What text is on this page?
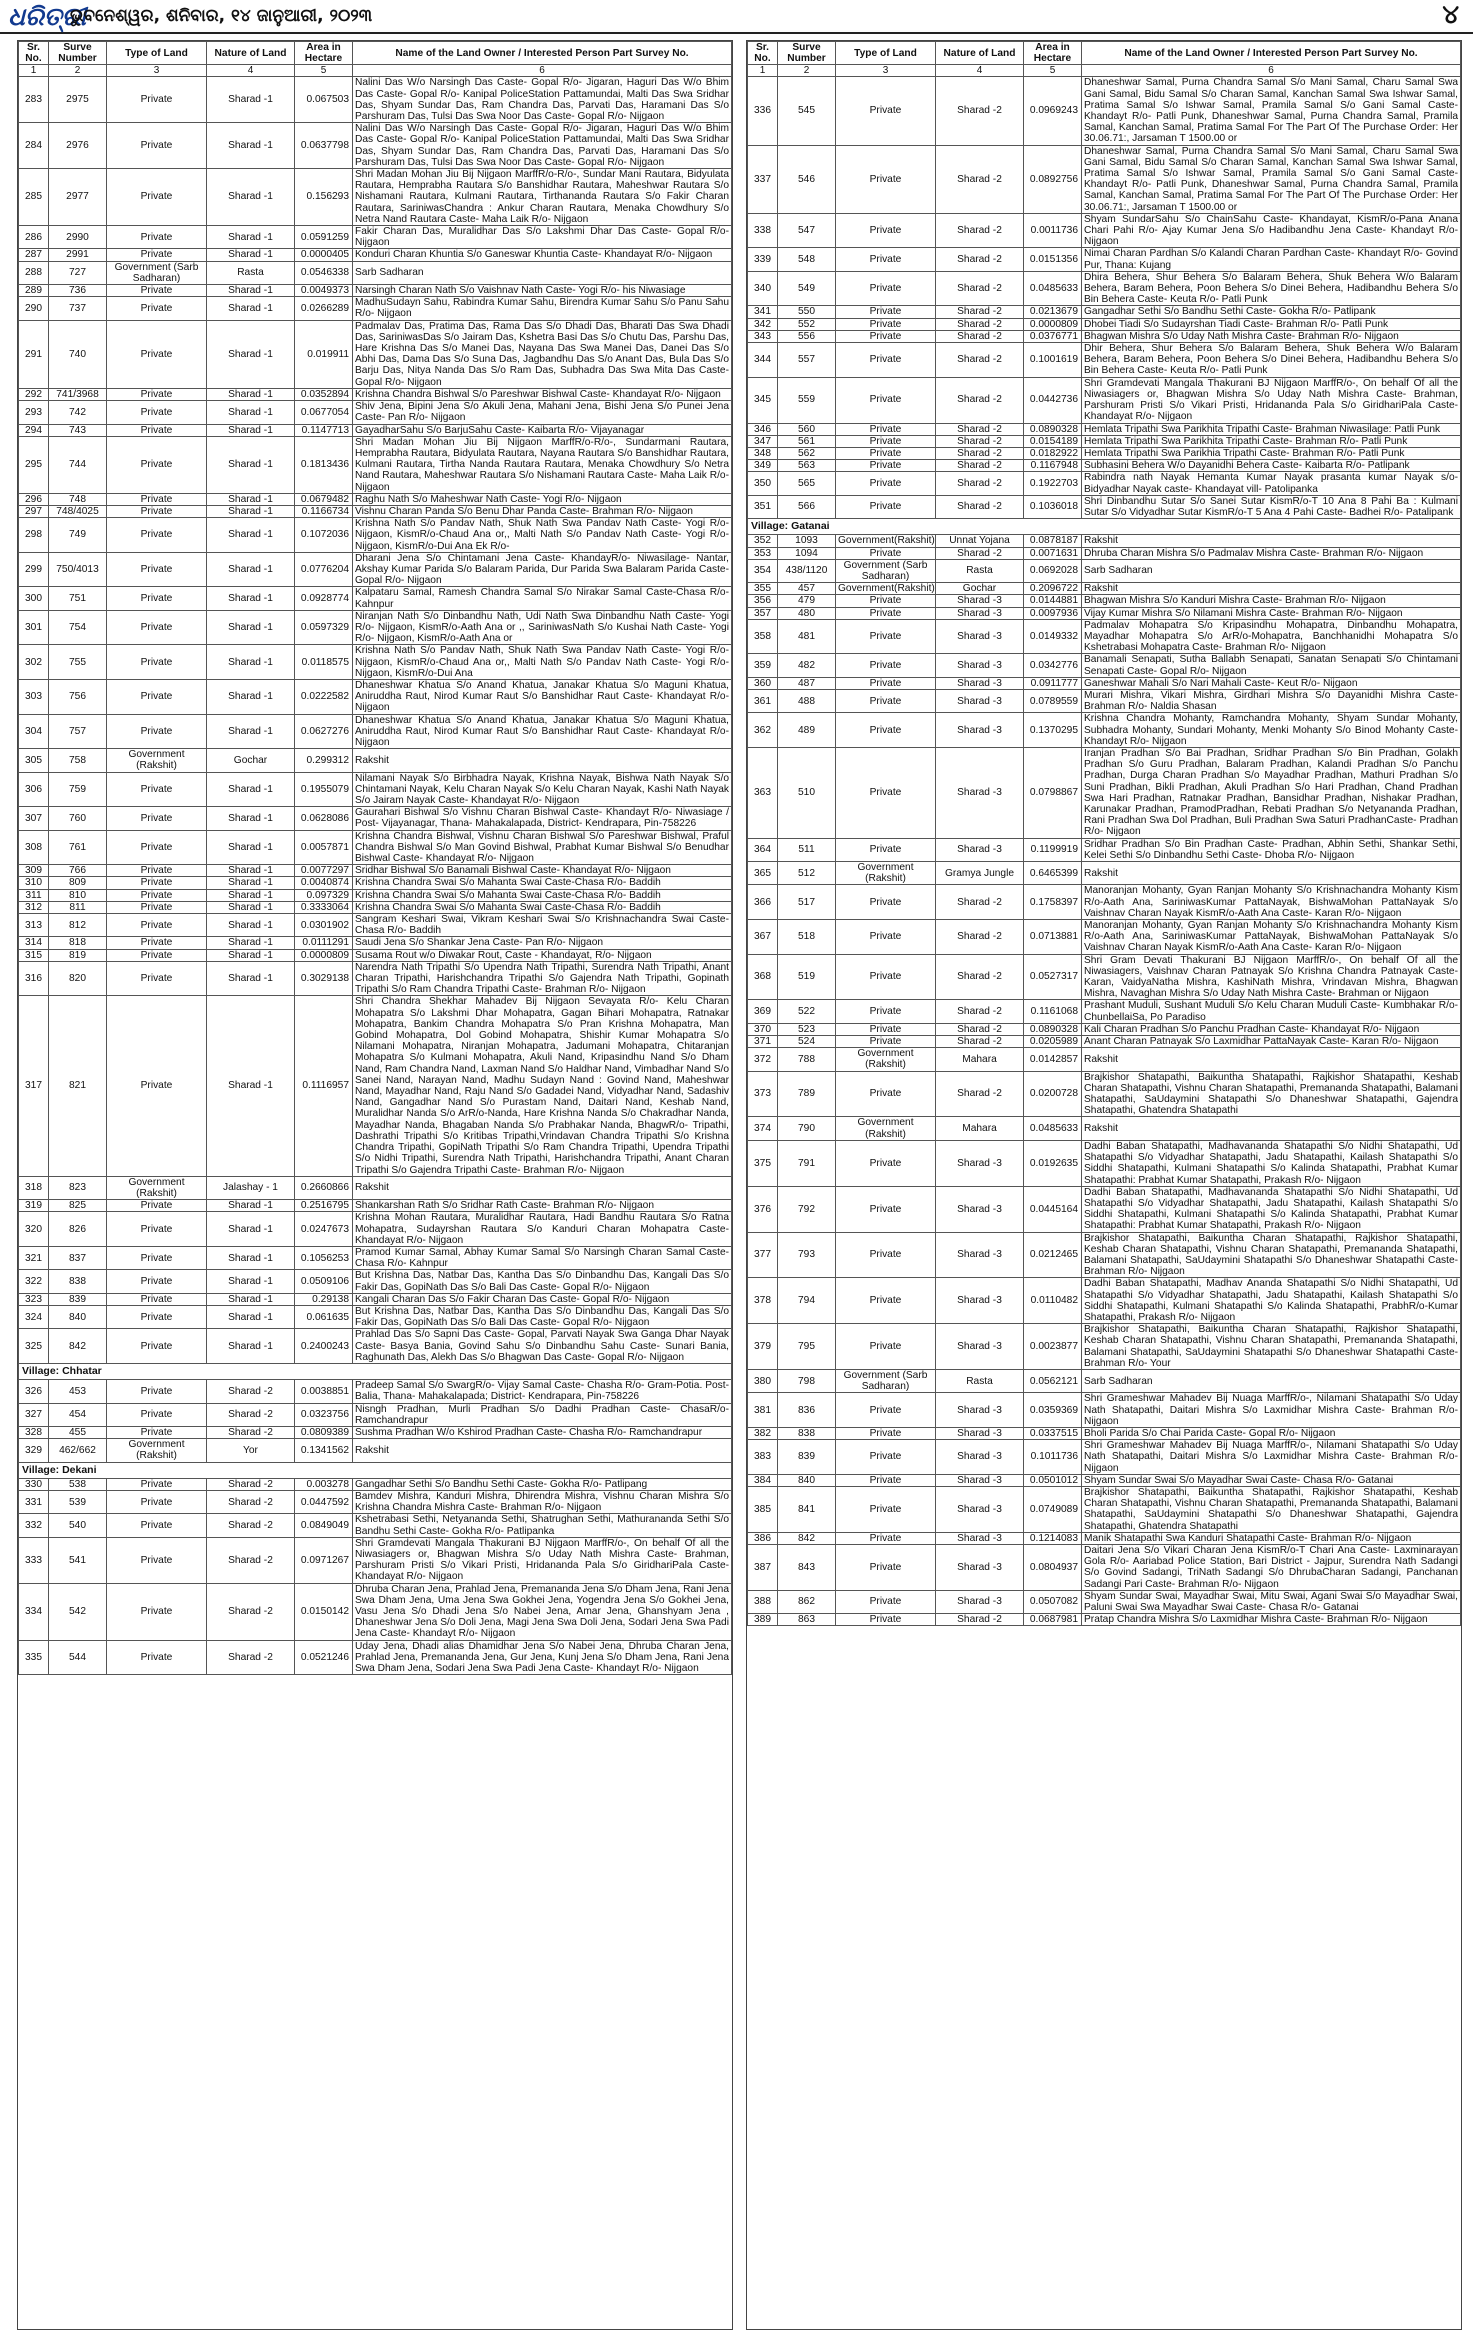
ଧରିତ୍ରୀ
ଭୁବନେଶ୍ୱର, ଶନିବାର, ୧୪ ଜାନୁଆରୀ, ୨୦୨୩	୪
Sr. No.	Surve Number	Type of Land	Nature of Land	Area in Hectare	Name of the Land Owner / Interested Person Part Survey No.
1	2	3	4	5	6
283	2975	Private	Sharad -1	0.067503	Nalini Das W/o Narsingh Das Caste- Gopal R/o- Jigaran, Haguri Das W/o Bhim Das Caste- Gopal R/o- Kanipal PoliceStation Pattamundai, Malti Das Swa Sridhar Das, Shyam Sundar Das, Ram Chandra Das, Parvati Das, Haramani Das S/o Parshuram Das, Tulsi Das Swa Noor Das Caste- Gopal R/o- Nijgaon
284	2976	Private	Sharad -1	0.0637798	Nalini Das W/o Narsingh Das Caste- Gopal R/o- Jigaran, Haguri Das W/o Bhim Das Caste- Gopal R/o- Kanipal PoliceStation Pattamundai, Malti Das Swa Sridhar Das, Shyam Sundar Das, Ram Chandra Das, Parvati Das, Haramani Das S/o Parshuram Das, Tulsi Das Swa Noor Das Caste- Gopal R/o- Nijgaon
285	2977	Private	Sharad -1	0.156293	Shri Madan Mohan Jiu Bij Nijgaon MarffR/o-R/o-, Sundar Mani Rautara, Bidyulata Rautara, Hemprabha Rautara S/o Banshidhar Rautara, Maheshwar Rautara S/o Nishamani Rautara, Kulmani Rautara, Tirthananda Rautara S/o Fakir Charan Rautara, SariniwasChandra : Ankur Charan Rautara, Menaka Chowdhury S/o Netra Nand Rautara Caste- Maha Laik R/o- Nijgaon
286	2990	Private	Sharad -1	0.0591259	Fakir Charan Das, Muralidhar Das S/o Lakshmi Dhar Das Caste- Gopal R/o- Nijgaon
287	2991	Private	Sharad -1	0.0000405	Konduri Charan Khuntia S/o Ganeswar Khuntia Caste- Khandayat R/o- Nijgaon
288	727	Government (Sarb Sadharan)	Rasta	0.0546338	Sarb Sadharan
289	736	Private	Sharad -1	0.0049373	Narsingh Charan Nath S/o Vaishnav Nath Caste- Yogi R/o- his Niwasiage
290	737	Private	Sharad -1	0.0266289	MadhuSudayn Sahu, Rabindra Kumar Sahu, Birendra Kumar Sahu S/o Panu Sahu R/o- Nijgaon
291	740	Private	Sharad -1	0.019911	Padmalav Das, Pratima Das, Rama Das S/o Dhadi Das, Bharati Das Swa Dhadi Das, SariniwasDas S/o Jairam Das, Kshetra Basi Das S/o Chutu Das, Parshu Das, Hare Krishna Das S/o Manei Das, Nayana Das Swa Manei Das, Danei Das S/o Abhi Das, Dama Das S/o Suna Das, Jagbandhu Das S/o Anant Das, Bula Das S/o Barju Das, Nitya Nanda Das S/o Ram Das, Subhadra Das Swa Mita Das Caste- Gopal R/o- Nijgaon
292	741/3968	Private	Sharad -1	0.0352894	Krishna Chandra Bishwal S/o Pareshwar Bishwal Caste- Khandayat R/o- Nijgaon
293	742	Private	Sharad -1	0.0677054	Shiv Jena, Bipini Jena S/o Akuli Jena, Mahani Jena, Bishi Jena S/o Punei Jena Caste- Pan R/o- Nijgaon
294	743	Private	Sharad -1	0.1147713	GayadharSahu S/o BarjuSahu Caste- Kaibarta R/o- Vijayanagar
295	744	Private	Sharad -1	0.1813436	Shri Madan Mohan Jiu Bij Nijgaon MarffR/o-R/o-, Sundarmani Rautara, Hemprabha Rautara, Bidyulata Rautara, Nayana Rautara S/o Banshidhar Rautara, Kulmani Rautara, Tirtha Nanda Rautara Rautara, Menaka Chowdhury S/o Netra Nand Rautara, Maheshwar Rautara S/o Nishamani Rautara Caste- Maha Laik R/o- Nijgaon
296	748	Private	Sharad -1	0.0679482	Raghu Nath S/o Maheshwar Nath Caste- Yogi R/o- Nijgaon
297	748/4025	Private	Sharad -1	0.1166734	Vishnu Charan Panda S/o Benu Dhar Panda Caste- Brahman R/o- Nijgaon
298	749	Private	Sharad -1	0.1072036	Krishna Nath S/o Pandav Nath, Shuk Nath Swa Pandav Nath Caste- Yogi R/o- Nijgaon, KismR/o-Chaud Ana or,, Malti Nath S/o Pandav Nath Caste- Yogi R/o- Nijgaon, KismR/o-Dui Ana Ek R/o-
299	750/4013	Private	Sharad -1	0.0776204	Dharani Jena S/o Chintamani Jena Caste- KhandayR/o- Niwasilage- Nantar, Akshay Kumar Parida S/o Balaram Parida, Dur Parida Swa Balaram Parida Caste- Gopal R/o- Nijgaon
300	751	Private	Sharad -1	0.0928774	Kalpataru Samal, Ramesh Chandra Samal S/o Nirakar Samal Caste-Chasa R/o- Kahnpur
301	754	Private	Sharad -1	0.0597329	Niranjan Nath S/o Dinbandhu Nath, Udi Nath Swa Dinbandhu Nath Caste- Yogi R/o- Nijgaon, KismR/o-Aath Ana or ,, SariniwasNath S/o Kushai Nath Caste- Yogi R/o- Nijgaon, KismR/o-Aath Ana or
302	755	Private	Sharad -1	0.0118575	Krishna Nath S/o Pandav Nath, Shuk Nath Swa Pandav Nath Caste- Yogi R/o- Nijgaon, KismR/o-Chaud Ana or,, Malti Nath S/o Pandav Nath Caste- Yogi R/o- Nijgaon, KismR/o-Dui Ana
303	756	Private	Sharad -1	0.0222582	Dhaneshwar Khatua S/o Anand Khatua, Janakar Khatua S/o Maguni Khatua, Aniruddha Raut, Nirod Kumar Raut S/o Banshidhar Raut Caste- Khandayat R/o- Nijgaon
304	757	Private	Sharad -1	0.0627276	Dhaneshwar Khatua S/o Anand Khatua, Janakar Khatua S/o Maguni Khatua, Aniruddha Raut, Nirod Kumar Raut S/o Banshidhar Raut Caste- Khandayat R/o- Nijgaon
305	758	Government (Rakshit)	Gochar	0.299312	Rakshit
306	759	Private	Sharad -1	0.1955079	Nilamani Nayak S/o Birbhadra Nayak, Krishna Nayak, Bishwa Nath Nayak S/o Chintamani Nayak, Kelu Charan Nayak S/o Kelu Charan Nayak, Kashi Nath Nayak S/o Jairam Nayak Caste- Khandayat R/o- Nijgaon
307	760	Private	Sharad -1	0.0628086	Gaurahari Bishwal S/o Vishnu Charan Bishwal Caste- Khandayt R/o- Niwasiage / Post- Vijayanagar, Thana- Mahakalapada, District- Kendrapara, Pin-758226
308	761	Private	Sharad -1	0.0057871	Krishna Chandra Bishwal, Vishnu Charan Bishwal S/o Pareshwar Bishwal, Praful Chandra Bishwal S/o Man Govind Bishwal, Prabhat Kumar Bishwal S/o Benudhar Bishwal Caste- Khandayat R/o- Nijgaon
309	766	Private	Sharad -1	0.0077297	Sridhar Bishwal S/o Banamali Bishwal Caste- Khandayat R/o- Nijgaon
310	809	Private	Sharad -1	0.0040874	Krishna Chandra Swai S/o Mahanta Swai Caste-Chasa R/o- Baddih
311	810	Private	Sharad -1	0.097329	Krishna Chandra Swai S/o Mahanta Swai Caste-Chasa R/o- Baddih
312	811	Private	Sharad -1	0.3333064	Krishna Chandra Swai S/o Mahanta Swai Caste-Chasa R/o- Baddih
313	812	Private	Sharad -1	0.0301902	Sangram Keshari Swai, Vikram Keshari Swai S/o Krishnachandra Swai Caste- Chasa R/o- Baddih
314	818	Private	Sharad -1	0.0111291	Saudi Jena S/o Shankar Jena Caste- Pan R/o- Nijgaon
315	819	Private	Sharad -1	0.0000809	Susama Rout w/o Diwakar Rout, Caste - Khandayat, R/o- Nijgaon
316	820	Private	Sharad -1	0.3029138	Narendra Nath Tripathi S/o Upendra Nath Tripathi, Surendra Nath Tripathi, Anant Charan Tripathi, Harishchandra Tripathi S/o Gajendra Nath Tripathi, Gopinath Tripathi S/o Ram Chandra Tripathi Caste- Brahman R/o- Nijgaon
317	821	Private	Sharad -1	0.1116957	Shri Chandra Shekhar Mahadev Bij Nijgaon Sevayata R/o- Kelu Charan Mohapatra S/o Lakshmi Dhar Mohapatra, Gagan Bihari Mohapatra, Ratnakar Mohapatra, Bankim Chandra Mohapatra S/o Pran Krishna Mohapatra, Man Gobind Mohapatra, Dol Gobind Mohapatra, Shishir Kumar Mohapatra S/o Nilamani Mohapatra, Niranjan Mohapatra, Jadumani Mohapatra, Chitaranjan Mohapatra S/o Kulmani Mohapatra, Akuli Nand, Kripasindhu Nand S/o Dham Nand, Ram Chandra Nand, Laxman Nand S/o Haldhar Nand, Vimbadhar Nand S/o Sanei Nand, Narayan Nand, Madhu Sudayn Nand : Govind Nand, Maheshwar Nand, Mayadhar Nand, Raju Nand S/o Gadadei Nand, Vidyadhar Nand, Sadashiv Nand, Gangadhar Nand S/o Purastam Nand, Daitari Nand, Keshab Nand, Muralidhar Nanda S/o ArR/o-Nanda, Hare Krishna Nanda S/o Chakradhar Nanda, Mayadhar Nanda, Bhagaban Nanda S/o Prabhakar Nanda, BhagwR/o- Tripathi, Dashrathi Tripathi S/o Kritibas Tripathi,Vrindavan Chandra Tripathi S/o Krishna Chandra Tripathi, GopiNath Tripathi S/o Ram Chandra Tripathi, Upendra Tripathi S/o Nidhi Tripathi, Surendra Nath Tripathi, Harishchandra Tripathi, Anant Charan Tripathi S/o Gajendra Tripathi Caste- Brahman R/o- Nijgaon
318	823	Government (Rakshit)	Jalashay - 1	0.2660866	Rakshit
319	825	Private	Sharad -1	0.2516795	Shankarshan Rath S/o Sridhar Rath Caste- Brahman R/o- Nijgaon
320	826	Private	Sharad -1	0.0247673	Krishna Mohan Rautara, Muralidhar Rautara, Hadi Bandhu Rautara S/o Ratna Mohapatra, Sudayrshan Rautara S/o Kanduri Charan Mohapatra Caste- Khandayat R/o- Nijgaon
321	837	Private	Sharad -1	0.1056253	Pramod Kumar Samal, Abhay Kumar Samal S/o Narsingh Charan Samal Caste-Chasa R/o- Kahnpur
322	838	Private	Sharad -1	0.0509106	But Krishna Das, Natbar Das, Kantha Das S/o Dinbandhu Das, Kangali Das S/o Fakir Das, GopiNath Das S/o Bali Das Caste- Gopal R/o- Nijgaon
323	839	Private	Sharad -1	0.29138	Kangali Charan Das S/o Fakir Charan Das Caste- Gopal R/o- Nijgaon
324	840	Private	Sharad -1	0.061635	But Krishna Das, Natbar Das, Kantha Das S/o Dinbandhu Das, Kangali Das S/o Fakir Das, GopiNath Das S/o Bali Das Caste- Gopal R/o- Nijgaon
325	842	Private	Sharad -1	0.2400243	Prahlad Das S/o Sapni Das Caste- Gopal, Parvati Nayak Swa Ganga Dhar Nayak Caste- Basya Bania, Govind Sahu S/o Dinbandhu Sahu Caste- Sunari Bania, Raghunath Das, Alekh Das S/o Bhagwan Das Caste- Gopal R/o- Nijgaon
Village: Chhatar					
326	453	Private	Sharad -2	0.0038851	Pradeep Samal S/o SwargR/o- Vijay Samal Caste- Chasha R/o- Gram-Potia. Post-Balia, Thana- Mahakalapada; District- Kendrapara, Pin-758226
327	454	Private	Sharad -2	0.0323756	Nisngh Pradhan, Murli Pradhan S/o Dadhi Pradhan Caste- ChasaR/o- Ramchandrapur
328	455	Private	Sharad -2	0.0809389	Sushma Pradhan W/o Kshirod Pradhan Caste- Chasha R/o- Ramchandrapur
329	462/662	Government (Rakshit)	Yor	0.1341562	Rakshit
Village: Dekani					
330	538	Private	Sharad -2	0.003278	Gangadhar Sethi S/o Bandhu Sethi Caste- Gokha R/o- Patlipang
331	539	Private	Sharad -2	0.0447592	Bamdev Mishra, Kanduri Mishra, Dhirendra Mishra, Vishnu Charan Mishra S/o Krishna Chandra Mishra Caste- Brahman R/o- Nijgaon
332	540	Private	Sharad -2	0.0849049	Kshetrabasi Sethi, Netyananda Sethi, Shatrughan Sethi, Mathurananda Sethi S/o Bandhu Sethi Caste- Gokha R/o- Patlipanka
333	541	Private	Sharad -2	0.0971267	Shri Gramdevati Mangala Thakurani BJ Nijgaon MarffR/o-, On behalf Of all the Niwasiagers or, Bhagwan Mishra S/o Uday Nath Mishra Caste- Brahman, Parshuram Pristi S/o Vikari Pristi, Hridananda Pala S/o GiridhariPala Caste- Khandayat R/o- Nijgaon
334	542	Private	Sharad -2	0.0150142	Dhruba Charan Jena, Prahlad Jena, Premananda Jena S/o Dham Jena, Rani Jena Swa Dham Jena, Uma Jena Swa Gokhei Jena, Yogendra Jena S/o Gokhei Jena, Vasu Jena S/o Dhadi Jena S/o Nabei Jena, Amar Jena, Ghanshyam Jena , Dhaneshwar Jena S/o Doli Jena, Magi Jena Swa Doli Jena, Sodari Jena Swa Padi Jena Caste- Khandayt R/o- Nijgaon
335	544	Private	Sharad -2	0.0521246	Uday Jena, Dhadi alias Dhamidhar Jena S/o Nabei Jena, Dhruba Charan Jena, Prahlad Jena, Premananda Jena, Gur Jena, Kunj Jena S/o Dham Jena, Rani Jena Swa Dham Jena, Sodari Jena Swa Padi Jena Caste- Khandayt R/o- Nijgaon
Sr. No.	Surve Number	Type of Land	Nature of Land	Area in Hectare	Name of the Land Owner / Interested Person Part Survey No.
1	2	3	4	5	6
336	545	Private	Sharad -2	0.0969243	Dhaneshwar Samal, Purna Chandra Samal S/o Mani Samal, Charu Samal Swa Gani Samal, Bidu Samal S/o Charan Samal, Kanchan Samal Swa Ishwar Samal, Pratima Samal S/o Ishwar Samal, Pramila Samal S/o Gani Samal Caste- Khandayt R/o- Patli Punk, Dhaneshwar Samal, Purna Chandra Samal, Pramila Samal, Kanchan Samal, Pratima Samal For The Part Of The Purchase Order: Her 30.06.71:, Jarsaman T 1500.00 or
337	546	Private	Sharad -2	0.0892756	Dhaneshwar Samal, Purna Chandra Samal S/o Mani Samal, Charu Samal Swa Gani Samal, Bidu Samal S/o Charan Samal, Kanchan Samal Swa Ishwar Samal, Pratima Samal S/o Ishwar Samal, Pramila Samal S/o Gani Samal Caste- Khandayt R/o- Patli Punk, Dhaneshwar Samal, Purna Chandra Samal, Pramila Samal, Kanchan Samal, Pratima Samal For The Part Of The Purchase Order: Her 30.06.71:, Jarsaman T 1500.00 or
338	547	Private	Sharad -2	0.0011736	Shyam SundarSahu S/o ChainSahu Caste- Khandayat, KismR/o-Pana Anana Chari Pahi R/o- Ajay Kumar Jena S/o Hadibandhu Jena Caste- Khandayt R/o- Nijgaon
339	548	Private	Sharad -2	0.0151356	Nimai Charan Pardhan S/o Kalandi Charan Pardhan Caste- Khandayt R/o- Govind Pur, Thana: Kujang
340	549	Private	Sharad -2	0.0485633	Dhira Behera, Shur Behera S/o Balaram Behera, Shuk Behera W/o Balaram Behera, Baram Behera, Poon Behera S/o Dinei Behera, Hadibandhu Behera S/o Bin Behera Caste- Keuta R/o- Patli Punk
341	550	Private	Sharad -2	0.0213679	Gangadhar Sethi S/o Bandhu Sethi Caste- Gokha R/o- Patlipank
342	552	Private	Sharad -2	0.0000809	Dhobei Tiadi S/o Sudayrshan Tiadi Caste- Brahman R/o- Patli Punk
343	556	Private	Sharad -2	0.0376771	Bhagwan Mishra S/o Uday Nath Mishra Caste- Brahman R/o- Nijgaon
344	557	Private	Sharad -2	0.1001619	Dhir Behera, Shur Behera S/o Balaram Behera, Shuk Behera W/o Balaram Behera, Baram Behera, Poon Behera S/o Dinei Behera, Hadibandhu Behera S/o Bin Behera Caste- Keuta R/o- Patli Punk
345	559	Private	Sharad -2	0.0442736	Shri Gramdevati Mangala Thakurani BJ Nijgaon MarffR/o-, On behalf Of all the Niwasiagers or, Bhagwan Mishra S/o Uday Nath Mishra Caste- Brahman, Parshuram Pristi S/o Vikari Pristi, Hridananda Pala S/o GiridhariPala Caste- Khandayat R/o- Nijgaon
346	560	Private	Sharad -2	0.0890328	Hemlata Tripathi Swa Parikhita Tripathi Caste- Brahman Niwasilage: Patli Punk
347	561	Private	Sharad -2	0.0154189	Hemlata Tripathi Swa Parikhita Tripathi Caste- Brahman R/o- Patli Punk
348	562	Private	Sharad -2	0.0182922	Hemlata Tripathi Swa Parikhia Tripathi Caste- Brahman R/o- Patli Punk
349	563	Private	Sharad -2	0.1167948	Subhasini Behera W/o Dayanidhi Behera Caste- Kaibarta R/o- Patlipank
350	565	Private	Sharad -2	0.1922703	Rabindra nath Nayak Hemanta Kumar Nayak prasanta kumar Nayak s/o- Bidyadhar Nayak caste- Khandayat vill- Patolipanka
351	566	Private	Sharad -2	0.1036018	Shri Dinbandhu Sutar S/o Sanei Sutar KismR/o-T 10 Ana 8 Pahi Ba : Kulmani Sutar S/o Vidyadhar Sutar KismR/o-T 5 Ana 4 Pahi Caste- Badhei R/o- Patalipank
Village: Gatanai					
352	1093	Government(Rakshit)	Unnat Yojana	0.0878187	Rakshit
353	1094	Private	Sharad -2	0.0071631	Dhruba Charan Mishra S/o Padmalav Mishra Caste- Brahman R/o- Nijgaon
354	438/1120	Government (Sarb Sadharan)	Rasta	0.0692028	Sarb Sadharan
355	457	Government(Rakshit)	Gochar	0.2096722	Rakshit
356	479	Private	Sharad -3	0.0144881	Bhagwan Mishra S/o Kanduri Mishra Caste- Brahman R/o- Nijgaon
357	480	Private	Sharad -3	0.0097936	Vijay Kumar Mishra S/o Nilamani Mishra Caste- Brahman R/o- Nijgaon
358	481	Private	Sharad -3	0.0149332	Padmalav Mohapatra S/o Kripasindhu Mohapatra, Dinbandhu Mohapatra, Mayadhar Mohapatra S/o ArR/o-Mohapatra, Banchhanidhi Mohapatra S/o Kshetrabasi Mohapatra Caste- Brahman R/o- Nijgaon
359	482	Private	Sharad -3	0.0342776	Banamali Senapati, Sutha Ballabh Senapati, Sanatan Senapati S/o Chintamani Senapati Caste- Gopal R/o- Nijgaon
360	487	Private	Sharad -3	0.0911777	Ganeshwar Mahali S/o Nari Mahali Caste- Keut R/o- Nijgaon
361	488	Private	Sharad -3	0.0789559	Murari Mishra, Vikari Mishra, Girdhari Mishra S/o Dayanidhi Mishra Caste- Brahman R/o- Naldia Shasan
362	489	Private	Sharad -3	0.1370295	Krishna Chandra Mohanty, Ramchandra Mohanty, Shyam Sundar Mohanty, Subhadra Mohanty, Sundari Mohanty, Menki Mohanty S/o Binod Mohanty Caste- Khandayt R/o- Nijgaon
363	510	Private	Sharad -3	0.0798867	Iranjan Pradhan S/o Bai Pradhan, Sridhar Pradhan S/o Bin Pradhan, Golakh Pradhan S/o Guru Pradhan, Balaram Pradhan, Kalandi Pradhan S/o Panchu Pradhan, Durga Charan Pradhan S/o Mayadhar Pradhan, Mathuri Pradhan S/o Suni Pradhan, Bikli Pradhan, Akuli Pradhan S/o Hari Pradhan, Chand Pradhan Swa Hari Pradhan, Ratnakar Pradhan, Bansidhar Pradhan, Nishakar Pradhan, Karunakar Pradhan, PramodPradhan, Rebati Pradhan S/o Netyananda Pradhan, Rani Pradhan Swa Dol Pradhan, Buli Pradhan Swa Saturi PradhanCaste- Pradhan R/o- Nijgaon
364	511	Private	Sharad -3	0.1199919	Sridhar Pradhan S/o Bin Pradhan Caste- Pradhan, Abhin Sethi, Shankar Sethi, Kelei Sethi S/o Dinbandhu Sethi Caste- Dhoba R/o- Nijgaon
365	512	Government (Rakshit)	Gramya Jungle	0.6465399	Rakshit
366	517	Private	Sharad -2	0.1758397	Manoranjan Mohanty, Gyan Ranjan Mohanty S/o Krishnachandra Mohanty Kism R/o-Aath Ana, SariniwasKumar PattaNayak, BishwaMohan PattaNayak S/o Vaishnav Charan Nayak KismR/o-Aath Ana Caste- Karan R/o- Nijgaon
367	518	Private	Sharad -2	0.0713881	Manoranjan Mohanty, Gyan Ranjan Mohanty S/o Krishnachandra Mohanty Kism R/o-Aath Ana, SariniwasKumar PattaNayak, BishwaMohan PattaNayak S/o Vaishnav Charan Nayak KismR/o-Aath Ana Caste- Karan R/o- Nijgaon
368	519	Private	Sharad -2	0.0527317	Shri Gram Devati Thakurani BJ Nijgaon MarffR/o-, On behalf Of all the Niwasiagers, Vaishnav Charan Patnayak S/o Krishna Chandra Patnayak Caste- Karan, VaidyaNatha Mishra, KashiNath Mishra, Vrindavan Mishra, Bhagwan Mishra, Navaghan Mishra S/o Uday Nath Mishra Caste- Brahman or Nijgaon
369	522	Private	Sharad -2	0.1161068	Prashant Muduli, Sushant Muduli S/o Kelu Charan Muduli Caste- Kumbhakar R/o- ChunbellaiSa, Po Paradiso
370	523	Private	Sharad -2	0.0890328	Kali Charan Pradhan S/o Panchu Pradhan Caste- Khandayat R/o- Nijgaon
371	524	Private	Sharad -2	0.0205989	Anant Charan Patnayak S/o Laxmidhar PattaNayak Caste- Karan R/o- Nijgaon
372	788	Government (Rakshit)	Mahara	0.0142857	Rakshit
373	789	Private	Sharad -2	0.0200728	Brajkishor Shatapathi, Baikuntha Shatapathi, Rajkishor Shatapathi, Keshab Charan Shatapathi, Vishnu Charan Shatapathi, Premananda Shatapathi, Balamani Shatapathi, SaUdaymini Shatapathi S/o Dhaneshwar Shatapathi, Gajendra Shatapathi, Ghatendra Shatapathi
374	790	Government (Rakshit)	Mahara	0.0485633	Rakshit
375	791	Private	Sharad -3	0.0192635	Dadhi Baban Shatapathi, Madhavananda Shatapathi S/o Nidhi Shatapathi, Ud Shatapathi S/o Vidyadhar Shatapathi, Jadu Shatapathi, Kailash Shatapathi S/o Siddhi Shatapathi, Kulmani Shatapathi S/o Kalinda Shatapathi, Prabhat Kumar Shatapathi: Prabhat Kumar Shatapathi, Prakash R/o- Nijgaon
376	792	Private	Sharad -3	0.0445164	Dadhi Baban Shatapathi, Madhavananda Shatapathi S/o Nidhi Shatapathi, Ud Shatapathi S/o Vidyadhar Shatapathi, Jadu Shatapathi, Kailash Shatapathi S/o Siddhi Shatapathi, Kulmani Shatapathi S/o Kalinda Shatapathi, Prabhat Kumar Shatapathi: Prabhat Kumar Shatapathi, Prakash R/o- Nijgaon
377	793	Private	Sharad -3	0.0212465	Brajkishor Shatapathi, Baikuntha Charan Shatapathi, Rajkishor Shatapathi, Keshab Charan Shatapathi, Vishnu Charan Shatapathi, Premananda Shatapathi, Balamani Shatapathi, SaUdaymini Shatapathi S/o Dhaneshwar Shatapathi Caste- Brahman R/o- Nijgaon
378	794	Private	Sharad -3	0.0110482	Dadhi Baban Shatapathi, Madhav Ananda Shatapathi S/o Nidhi Shatapathi, Ud Shatapathi S/o Vidyadhar Shatapathi, Jadu Shatapathi, Kailash Shatapathi S/o Siddhi Shatapathi, Kulmani Shatapathi S/o Kalinda Shatapathi, PrabhR/o-Kumar Shatapathi, Prakash R/o- Nijgaon
379	795	Private	Sharad -3	0.0023877	Brajkishor Shatapathi, Baikuntha Charan Shatapathi, Rajkishor Shatapathi, Keshab Charan Shatapathi, Vishnu Charan Shatapathi, Premananda Shatapathi, Balamani Shatapathi, SaUdaymini Shatapathi S/o Dhaneshwar Shatapathi Caste- Brahman R/o- Your
380	798	Government (Sarb Sadharan)	Rasta	0.0562121	Sarb Sadharan
381	836	Private	Sharad -3	0.0359369	Shri Grameshwar Mahadev Bij Nuaga MarffR/o-, Nilamani Shatapathi S/o Uday Nath Shatapathi, Daitari Mishra S/o Laxmidhar Mishra Caste- Brahman R/o- Nijgaon
382	838	Private	Sharad -3	0.0337515	Bholi Parida S/o Chai Parida Caste- Gopal R/o- Nijgaon
383	839	Private	Sharad -3	0.1011736	Shri Grameshwar Mahadev Bij Nuaga MarffR/o-, Nilamani Shatapathi S/o Uday Nath Shatapathi, Daitari Mishra S/o Laxmidhar Mishra Caste- Brahman R/o- Nijgaon
384	840	Private	Sharad -3	0.0501012	Shyam Sundar Swai S/o Mayadhar Swai Caste- Chasa R/o- Gatanai
385	841	Private	Sharad -3	0.0749089	Brajkishor Shatapathi, Baikuntha Shatapathi, Rajkishor Shatapathi, Keshab Charan Shatapathi, Vishnu Charan Shatapathi, Premananda Shatapathi, Balamani Shatapathi, SaUdaymini Shatapathi S/o Dhaneshwar Shatapathi, Gajendra Shatapathi, Ghatendra Shatapathi
386	842	Private	Sharad -3	0.1214083	Manik Shatapathi Swa Kanduri Shatapathi Caste- Brahman R/o- Nijgaon
387	843	Private	Sharad -3	0.0804937	Daitari Jena S/o Vikari Charan Jena KismR/o-T Chari Ana Caste- Laxminarayan Gola R/o- Aariabad Police Station, Bari District - Jajpur, Surendra Nath Sadangi S/o Govind Sadangi, TriNath Sadangi S/o DhrubaCharan Sadangi, Panchanan Sadangi Pari Caste- Brahman R/o- Nijgaon
388	862	Private	Sharad -3	0.0507082	Shyam Sundar Swai, Mayadhar Swai, Mitu Swai, Agani Swai S/o Mayadhar Swai, Paluni Swai Swa Mayadhar Swai Caste- Chasa R/o- Gatanai
389	863	Private	Sharad -2	0.0687981	Pratap Chandra Mishra S/o Laxmidhar Mishra Caste- Brahman R/o- Nijgaon
